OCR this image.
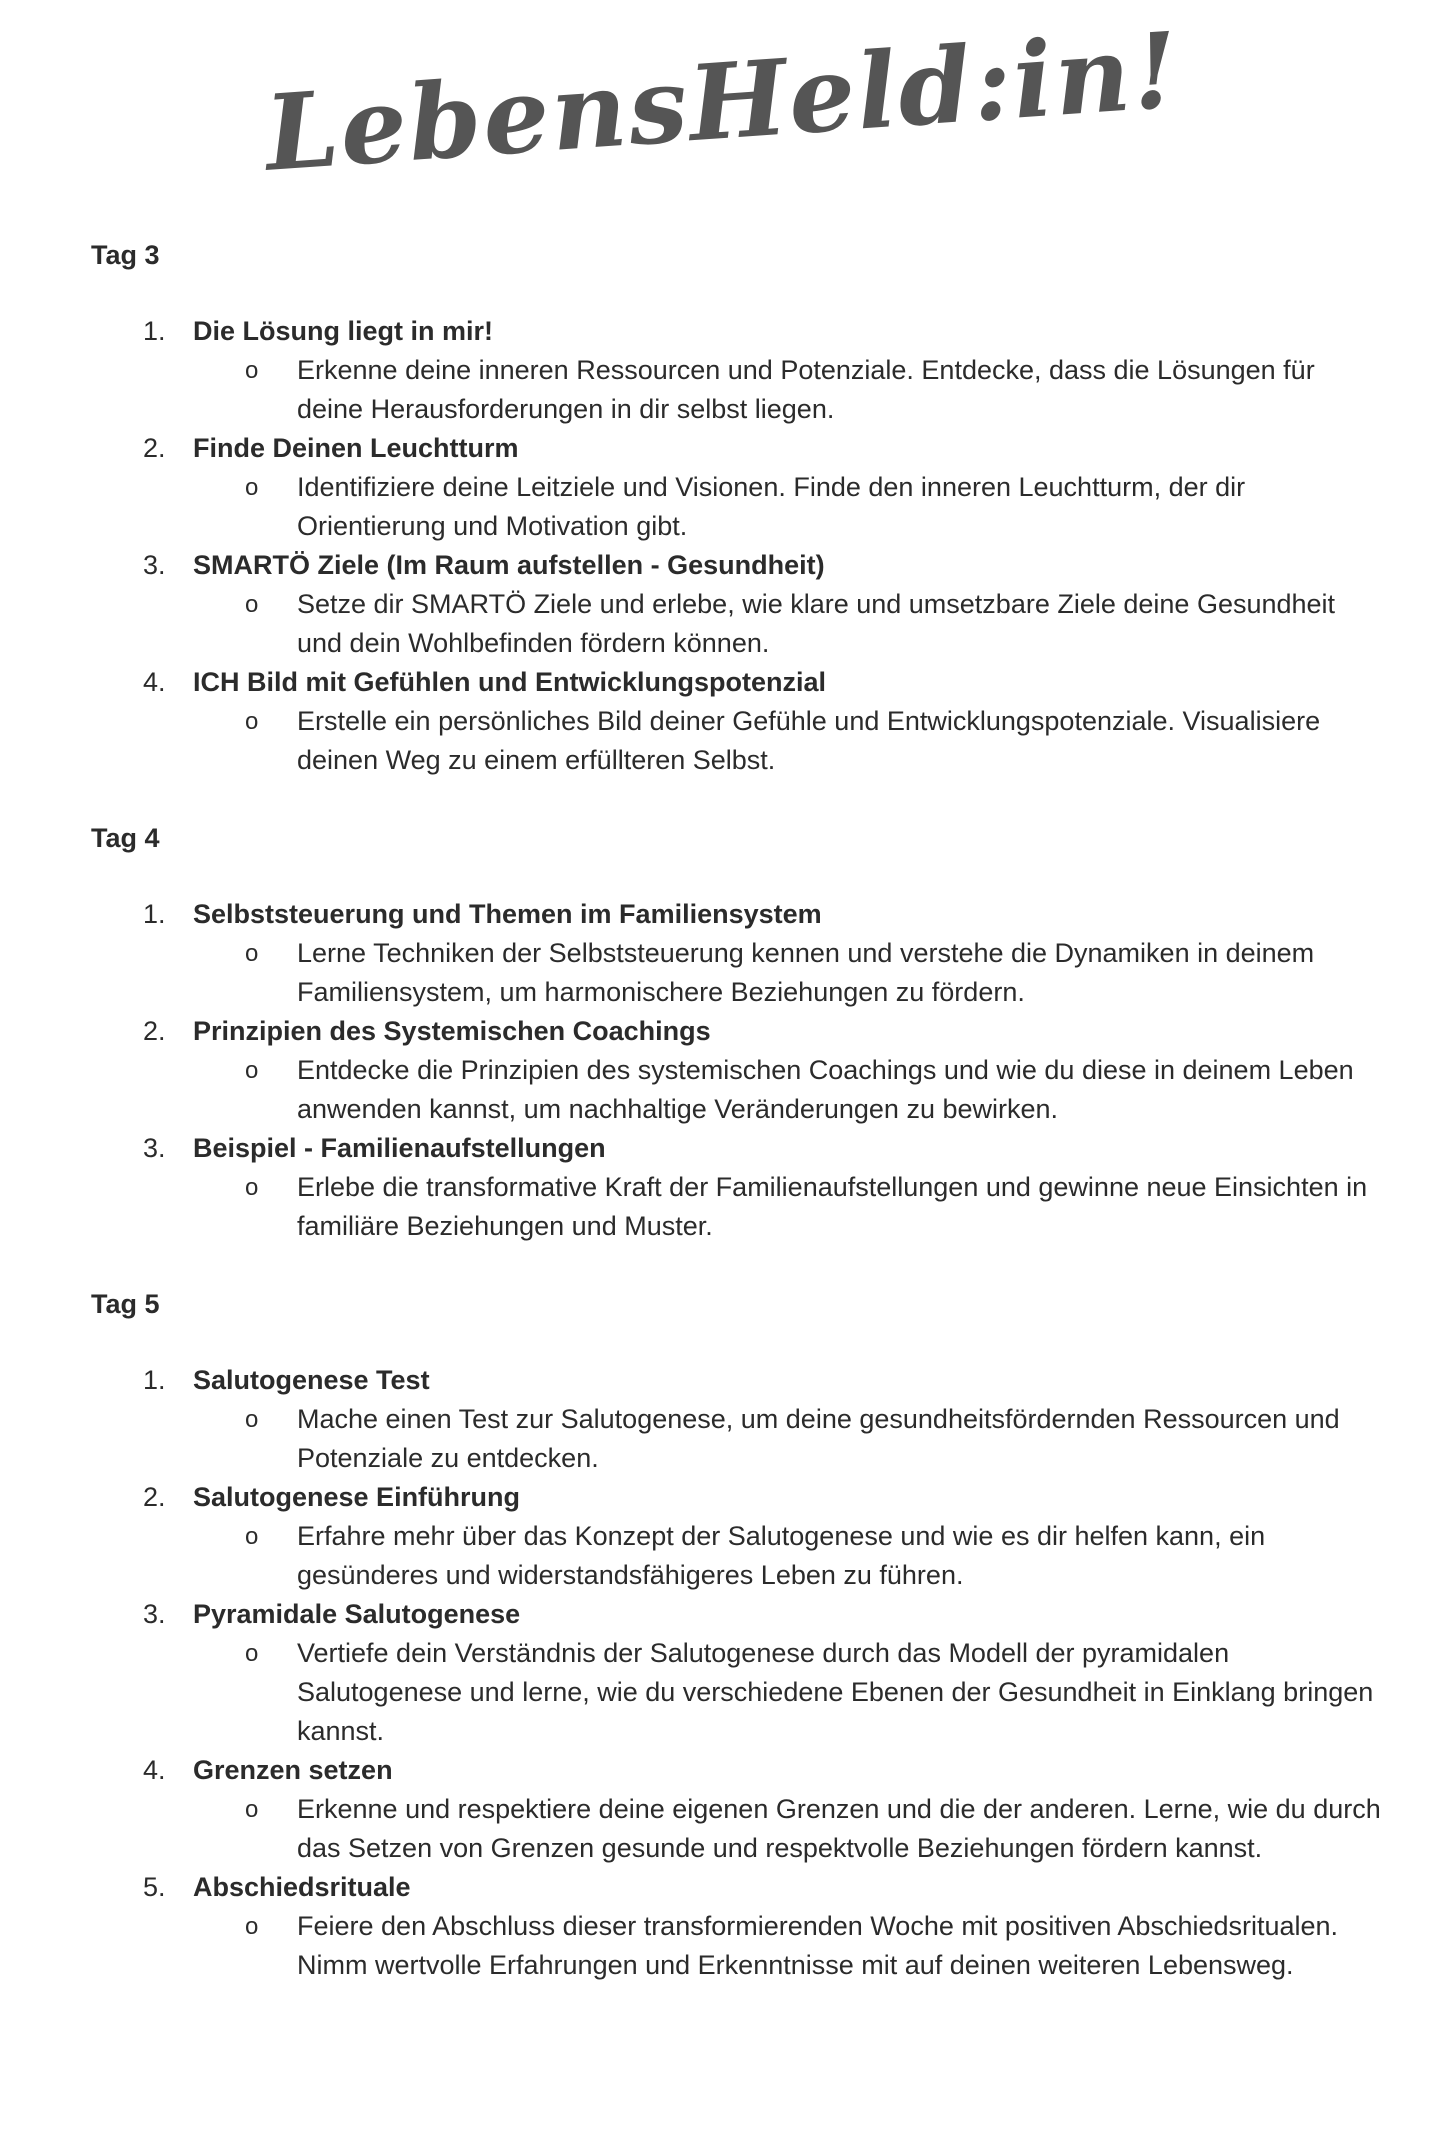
LebensHeld:in!
Tag 3
1.	Die Lösung liegt in mir!
o Erkenne deine inneren Ressourcen und Potenziale. Entdecke, dass die Lösungen für deine Herausforderungen in dir selbst liegen.
2.	Finde Deinen Leuchtturm
o Identifiziere deine Leitziele und Visionen. Finde den inneren Leuchtturm, der dir Orientierung und Motivation gibt.
3.	SMARTÖ Ziele (Im Raum aufstellen - Gesundheit)
o Setze dir SMARTÖ Ziele und erlebe, wie klare und umsetzbare Ziele deine Gesundheit und dein Wohlbefinden fördern können.
4.	ICH Bild mit Gefühlen und Entwicklungspotenzial
o Erstelle ein persönliches Bild deiner Gefühle und Entwicklungspotenziale. Visualisiere deinen Weg zu einem erfüllteren Selbst.
Tag 4
1.	Selbststeuerung und Themen im Familiensystem
o Lerne Techniken der Selbststeuerung kennen und verstehe die Dynamiken in deinem Familiensystem, um harmonischere Beziehungen zu fördern.
2.	Prinzipien des Systemischen Coachings
o Entdecke die Prinzipien des systemischen Coachings und wie du diese in deinem Leben anwenden kannst, um nachhaltige Veränderungen zu bewirken.
3.	Beispiel - Familienaufstellungen
o Erlebe die transformative Kraft der Familienaufstellungen und gewinne neue Einsichten in familiäre Beziehungen und Muster.
Tag 5
1.	Salutogenese Test
o Mache einen Test zur Salutogenese, um deine gesundheitsfördernden Ressourcen und Potenziale zu entdecken.
2.	Salutogenese Einführung
o Erfahre mehr über das Konzept der Salutogenese und wie es dir helfen kann, ein gesünderes und widerstandsfähigeres Leben zu führen.
3.	Pyramidale Salutogenese
o Vertiefe dein Verständnis der Salutogenese durch das Modell der pyramidalen Salutogenese und lerne, wie du verschiedene Ebenen der Gesundheit in Einklang bringen kannst.
4.	Grenzen setzen
o Erkenne und respektiere deine eigenen Grenzen und die der anderen. Lerne, wie du durch das Setzen von Grenzen gesunde und respektvolle Beziehungen fördern kannst.
5.	Abschiedsrituale
o Feiere den Abschluss dieser transformierenden Woche mit positiven Abschiedsritualen. Nimm wertvolle Erfahrungen und Erkenntnisse mit auf deinen weiteren Lebensweg.
